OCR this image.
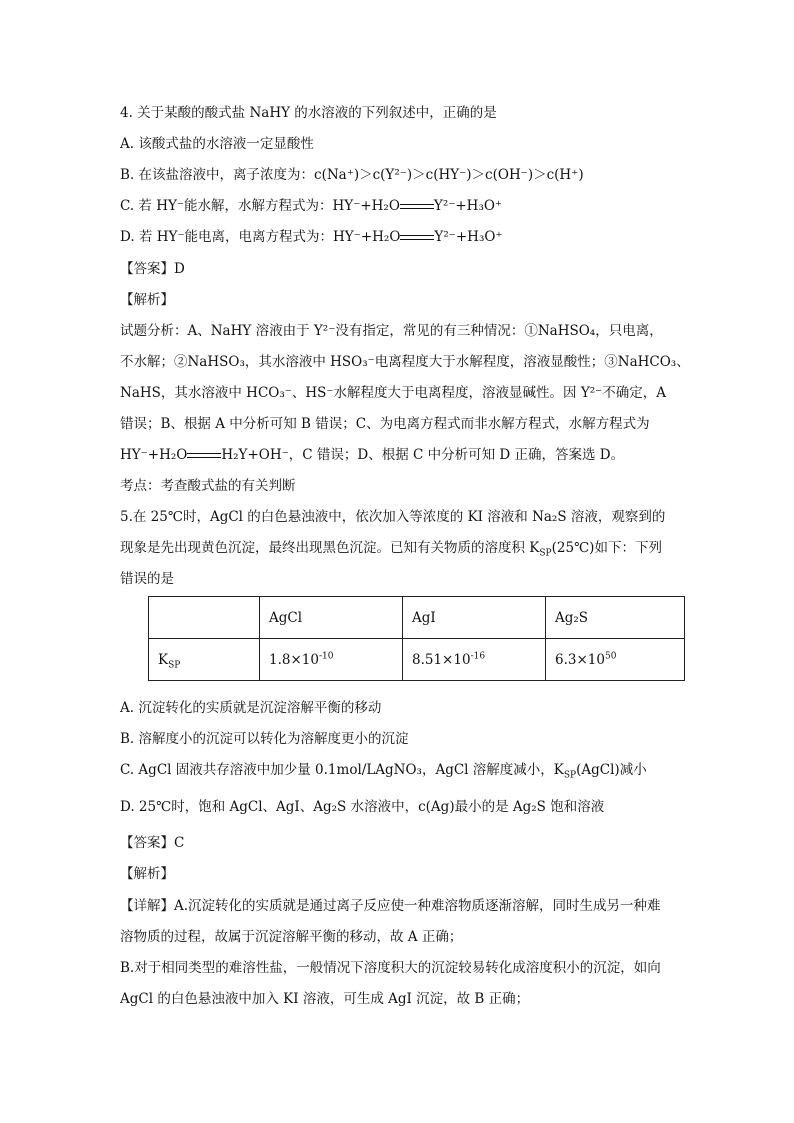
4. 关于某酸的酸式盐 NaHY 的水溶液的下列叙述中，正确的是
A. 该酸式盐的水溶液一定显酸性
B. 在该盐溶液中，离子浓度为：c(Na⁺)＞c(Y²⁻)＞c(HY⁻)＞c(OH⁻)＞c(H⁺)
C. 若 HY⁻能水解，水解方程式为：HY⁻+H₂O	Y²⁻+H₃O⁺
D. 若 HY⁻能电离，电离方程式为：HY⁻+H₂O	Y²⁻+H₃O⁺
【答案】D
【解析】
试题分析：A、NaHY 溶液由于 Y²⁻没有指定，常见的有三种情况：①NaHSO₄，只电离，
不水解；②NaHSO₃，其水溶液中 HSO₃⁻电离程度大于水解程度，溶液显酸性；③NaHCO₃、
NaHS，其水溶液中 HCO₃⁻、HS⁻水解程度大于电离程度，溶液显碱性。因 Y²⁻不确定，A
错误；B、根据 A 中分析可知 B 错误；C、为电离方程式而非水解方程式，水解方程式为
HY⁻+H₂O	H₂Y+OH⁻，C 错误；D、根据 C 中分析可知 D 正确，答案选 D。
考点：考查酸式盐的有关判断
5.在 25℃时，AgCl 的白色悬浊液中，依次加入等浓度的 KI 溶液和 Na₂S 溶液，观察到的
现象是先出现黄色沉淀，最终出现黑色沉淀。已知有关物质的溶度积 $K_{SP}(25℃)$如下：下列
错误的是
	AgCl	AgI	Ag₂S
$K_{SP}$	$1.8\times 10^{-10}$	$8.51\times 10^{-16}$	$6.3\times 10^{50}$
A. 沉淀转化的实质就是沉淀溶解平衡的移动
B. 溶解度小的沉淀可以转化为溶解度更小的沉淀
C. AgCl 固液共存溶液中加少量 0.1mol/LAgNO₃，AgCl 溶解度减小，$K_{SP}(AgCl)$减小
D. 25℃时，饱和 AgCl、AgI、Ag₂S 水溶液中，c(Ag)最小的是 Ag₂S 饱和溶液
【答案】C
【解析】
【详解】A.沉淀转化的实质就是通过离子反应使一种难溶物质逐渐溶解，同时生成另一种难
溶物质的过程，故属于沉淀溶解平衡的移动，故 A 正确；
B.对于相同类型的难溶性盐，一般情况下溶度积大的沉淀较易转化成溶度积小的沉淀，如向
AgCl 的白色悬浊液中加入 KI 溶液，可生成 AgI 沉淀，故 B 正确；
